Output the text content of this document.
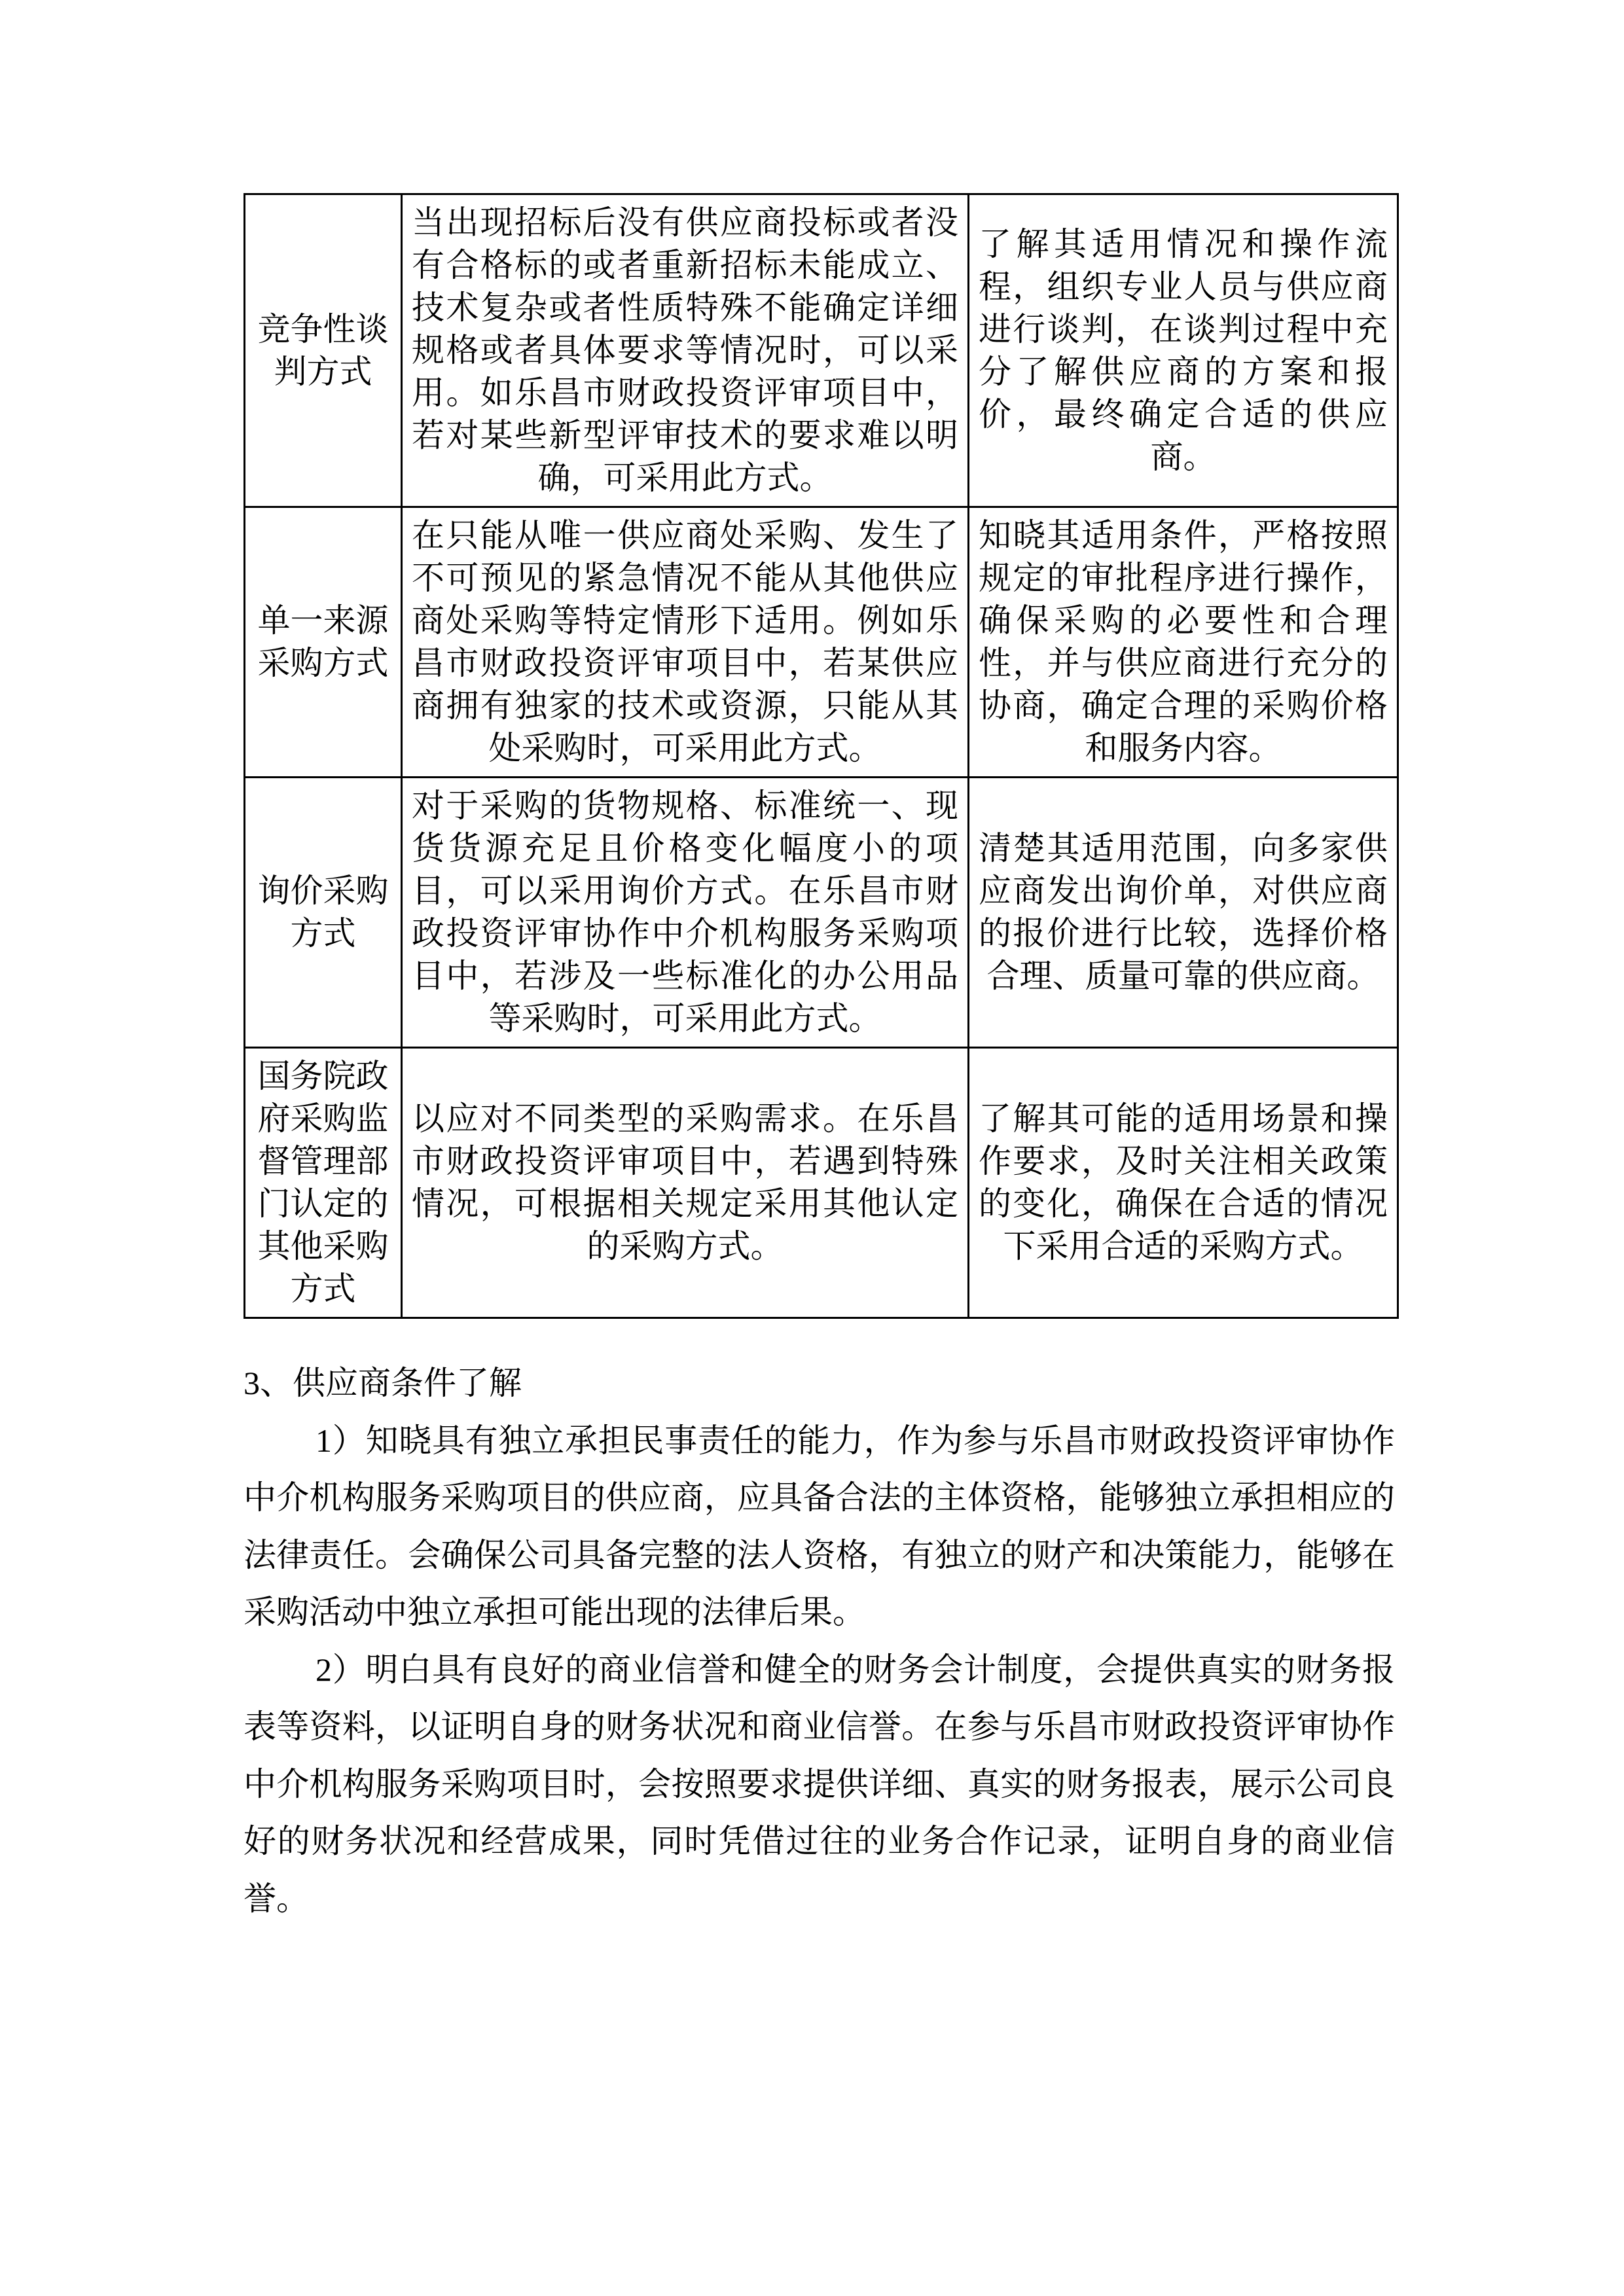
竞争性谈判方式	当出现招标后没有供应商投标或者没有合格标的或者重新招标未能成立、技术复杂或者性质特殊不能确定详细规格或者具体要求等情况时，可以采用。如乐昌市财政投资评审项目中，若对某些新型评审技术的要求难以明确，可采用此方式。	了解其适用情况和操作流程，组织专业人员与供应商进行谈判，在谈判过程中充分了解供应商的方案和报价，最终确定合适的供应商。
单一来源采购方式	在只能从唯一供应商处采购、发生了不可预见的紧急情况不能从其他供应商处采购等特定情形下适用。例如乐昌市财政投资评审项目中，若某供应商拥有独家的技术或资源，只能从其处采购时，可采用此方式。	知晓其适用条件，严格按照规定的审批程序进行操作，确保采购的必要性和合理性，并与供应商进行充分的协商，确定合理的采购价格和服务内容。
询价采购方式	对于采购的货物规格、标准统一、现货货源充足且价格变化幅度小的项目，可以采用询价方式。在乐昌市财政投资评审协作中介机构服务采购项目中，若涉及一些标准化的办公用品等采购时，可采用此方式。	清楚其适用范围，向多家供应商发出询价单，对供应商的报价进行比较，选择价格合理、质量可靠的供应商。
国务院政府采购监督管理部门认定的其他采购方式	以应对不同类型的采购需求。在乐昌市财政投资评审项目中，若遇到特殊情况，可根据相关规定采用其他认定的采购方式。	了解其可能的适用场景和操作要求，及时关注相关政策的变化，确保在合适的情况下采用合适的采购方式。
3、供应商条件了解

1）知晓具有独立承担民事责任的能力，作为参与乐昌市财政投资评审协作中介机构服务采购项目的供应商，应具备合法的主体资格，能够独立承担相应的法律责任。会确保公司具备完整的法人资格，有独立的财产和决策能力，能够在采购活动中独立承担可能出现的法律后果。

2）明白具有良好的商业信誉和健全的财务会计制度，会提供真实的财务报表等资料，以证明自身的财务状况和商业信誉。在参与乐昌市财政投资评审协作中介机构服务采购项目时，会按照要求提供详细、真实的财务报表，展示公司良好的财务状况和经营成果，同时凭借过往的业务合作记录，证明自身的商业信誉。
